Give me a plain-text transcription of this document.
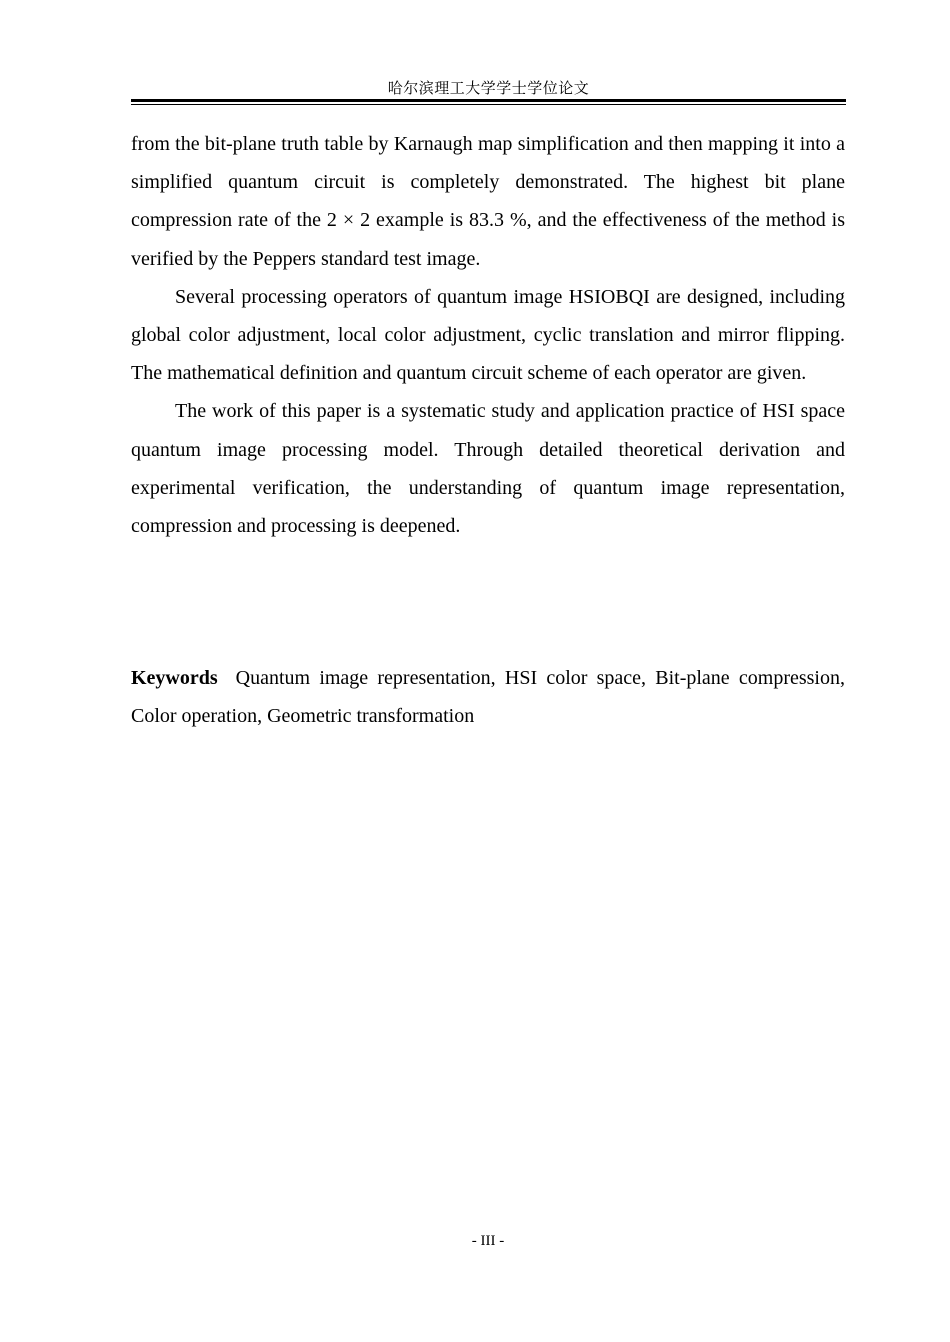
哈尔滨理工大学学士学位论文

from the bit-plane truth table by Karnaugh map simplification and then mapping it into a simplified quantum circuit is completely demonstrated. The highest bit plane compression rate of the 2 × 2 example is 83.3 %, and the effectiveness of the method is verified by the Peppers standard test image.

Several processing operators of quantum image HSIOBQI are designed, including global color adjustment, local color adjustment, cyclic translation and mirror flipping. The mathematical definition and quantum circuit scheme of each operator are given.

The work of this paper is a systematic study and application practice of HSI space quantum image processing model. Through detailed theoretical derivation and experimental verification, the understanding of quantum image representation, compression and processing is deepened.

Keywords Quantum image representation, HSI color space, Bit-plane compression, Color operation, Geometric transformation

- III -
